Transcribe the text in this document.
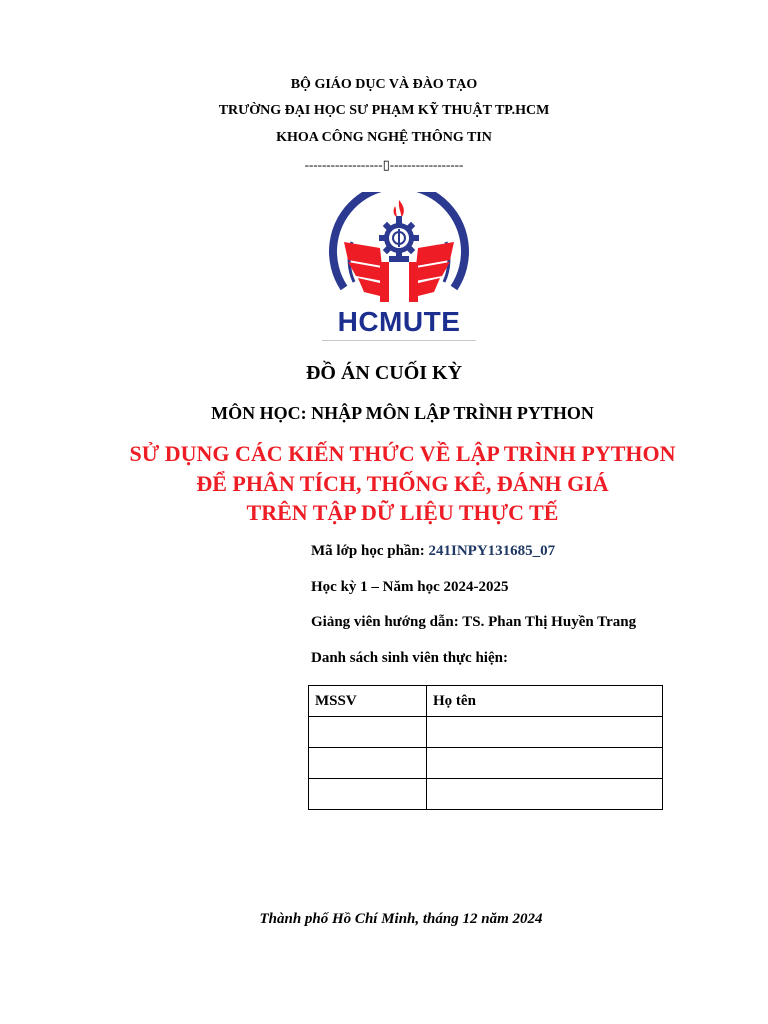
BỘ GIÁO DỤC VÀ ĐÀO TẠO
TRƯỜNG ĐẠI HỌC SƯ PHẠM KỸ THUẬT TP.HCM
KHOA CÔNG NGHỆ THÔNG TIN
------------------▯-----------------
HCMUTE
ĐỒ ÁN CUỐI KỲ
MÔN HỌC: NHẬP MÔN LẬP TRÌNH PYTHON
SỬ DỤNG CÁC KIẾN THỨC VỀ LẬP TRÌNH PYTHON
ĐỂ PHÂN TÍCH, THỐNG KÊ, ĐÁNH GIÁ
TRÊN TẬP DỮ LIỆU THỰC TẾ
Mã lớp học phần: 241INPY131685_07
Học kỳ 1 – Năm học 2024-2025
Giảng viên hướng dẫn: TS. Phan Thị Huyền Trang
Danh sách sinh viên thực hiện:
MSSV	Họ tên

Thành phố Hồ Chí Minh, tháng 12 năm 2024
